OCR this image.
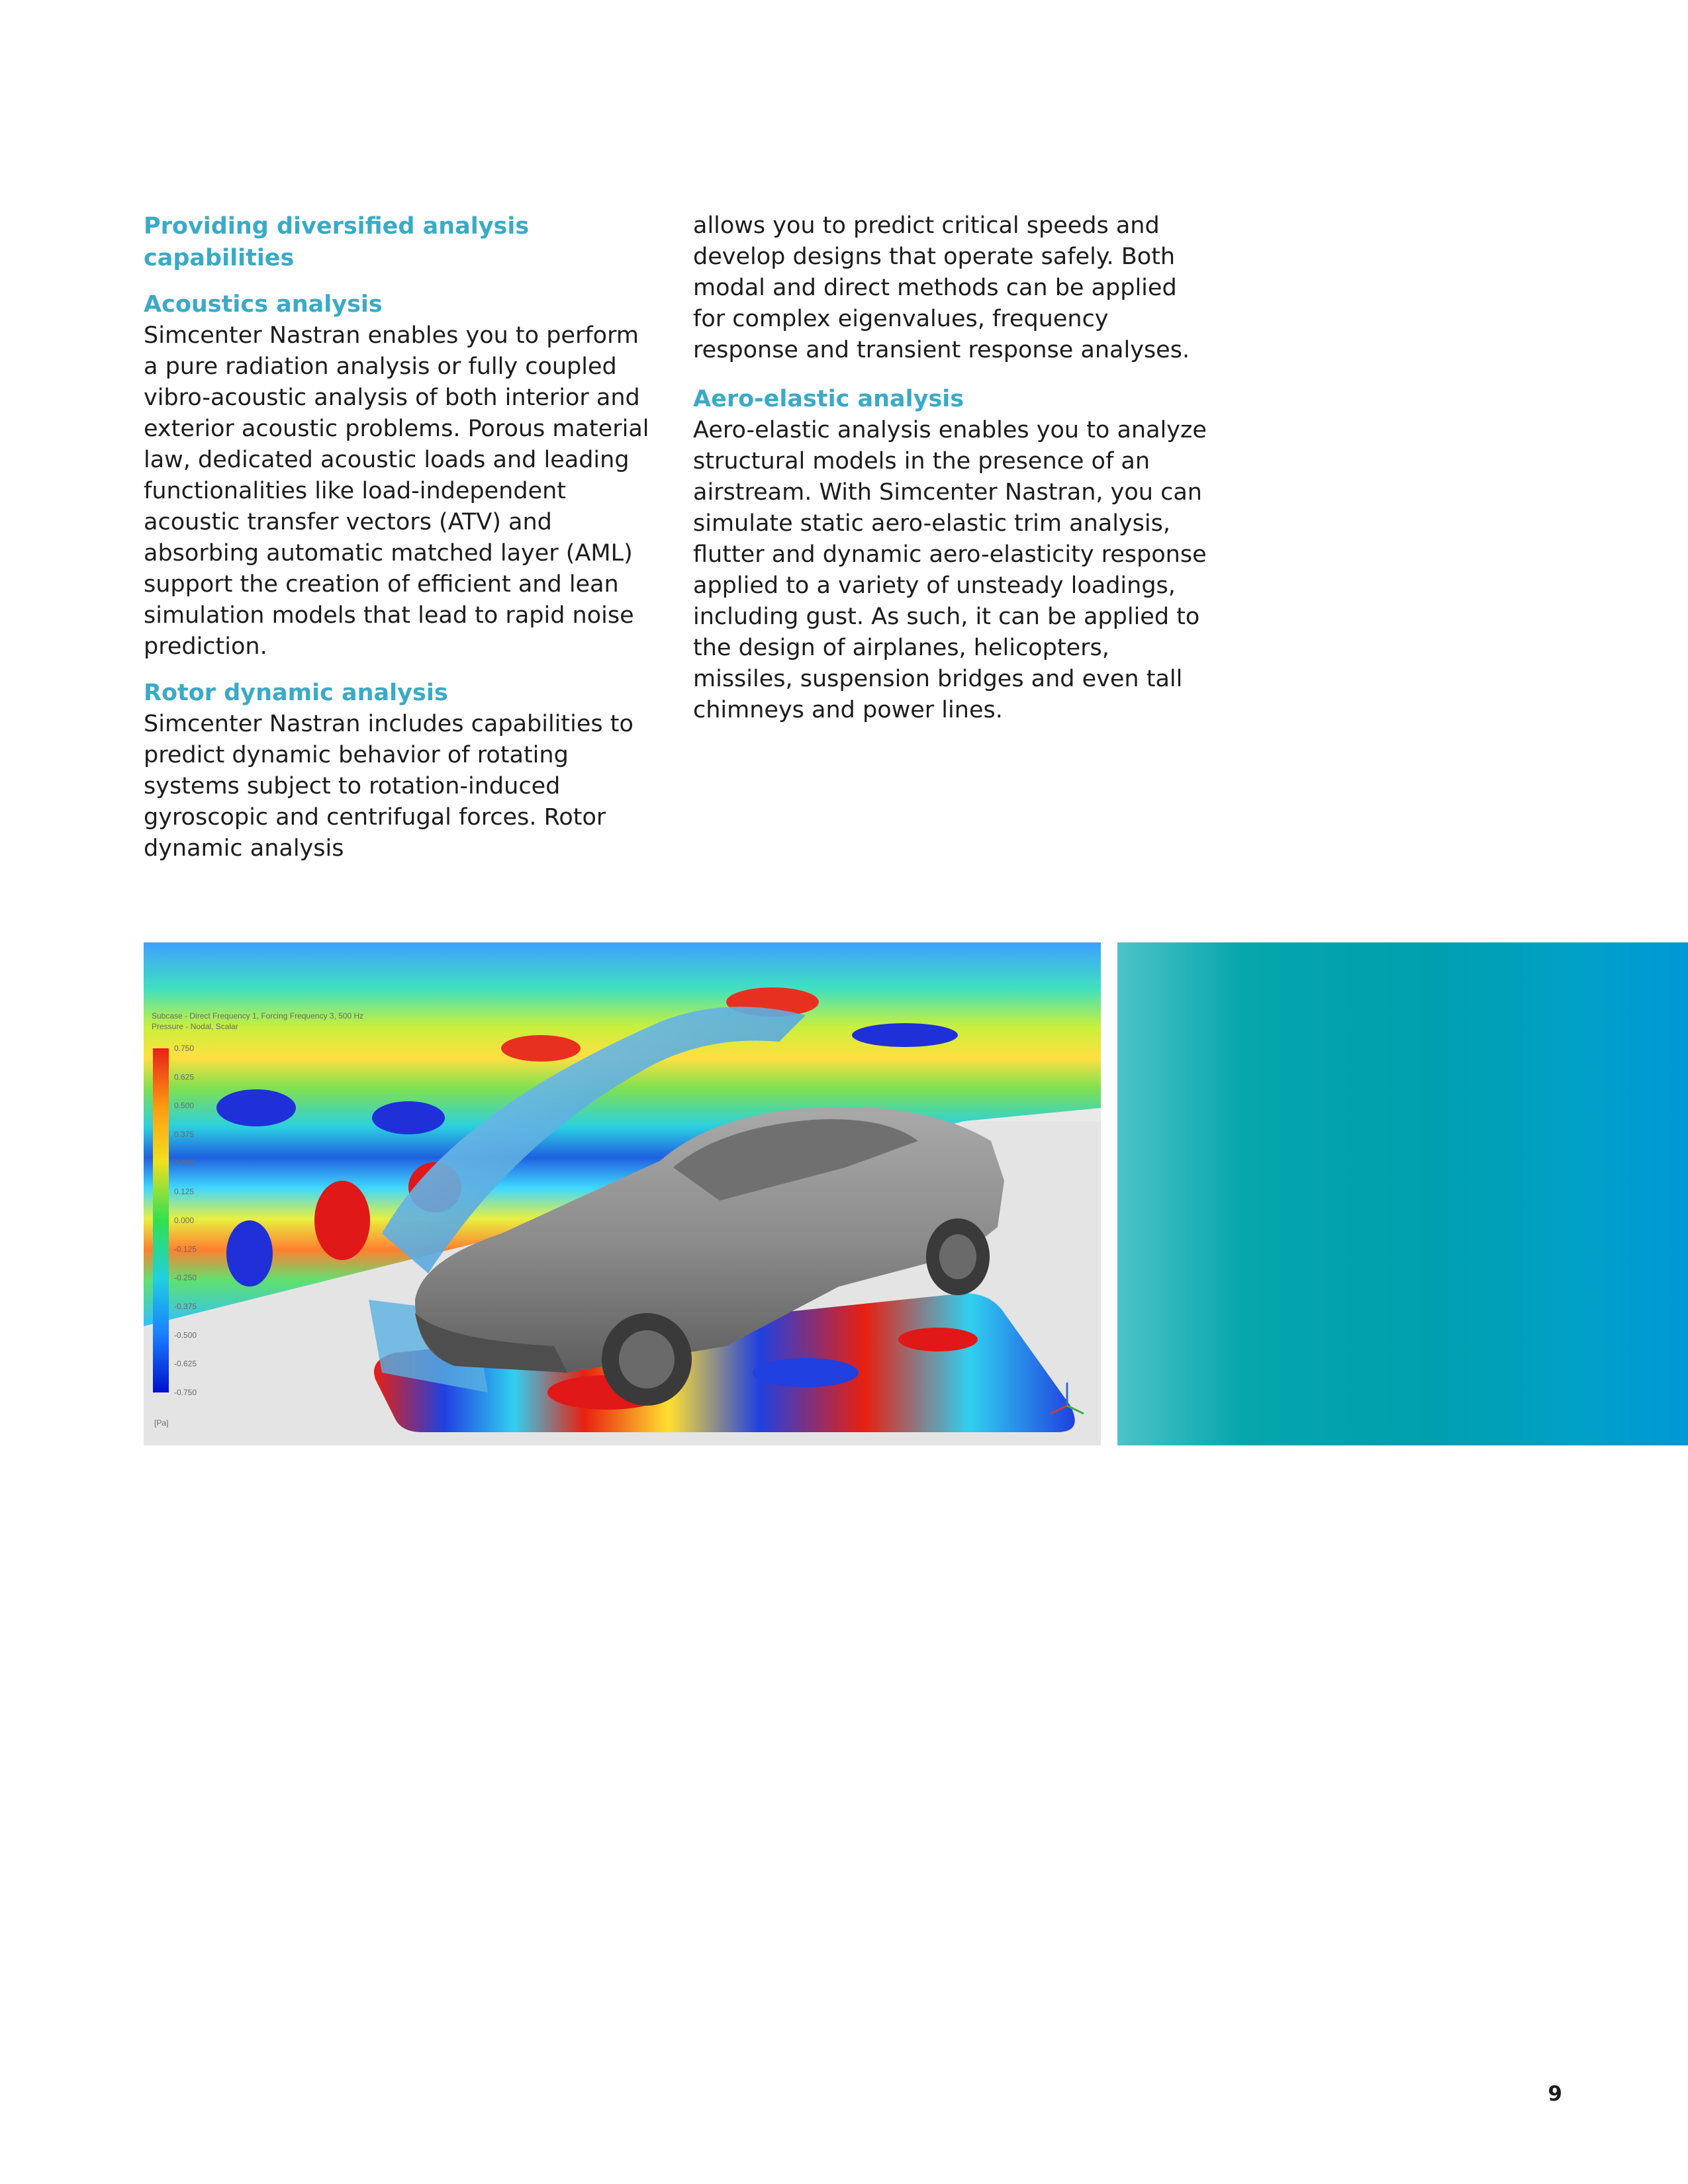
Providing diversified analysis capabilities
Acoustics analysis

Simcenter Nastran enables you to perform a pure radiation analysis or fully coupled vibro-acoustic analysis of both interior and exterior acoustic problems. Porous material law, dedicated acoustic loads and leading functionalities like load-independent acoustic transfer vectors (ATV) and absorbing automatic matched layer (AML) support the creation of efficient and lean simulation models that lead to rapid noise prediction.

Rotor dynamic analysis

Simcenter Nastran includes capabilities to predict dynamic behavior of rotating systems subject to rotation-induced gyroscopic and centrifugal forces. Rotor dynamic analysis

allows you to predict critical speeds and develop designs that operate safely. Both modal and direct methods can be applied for complex eigenvalues, frequency response and transient response analyses.

Aero-elastic analysis

Aero-elastic analysis enables you to analyze structural models in the presence of an airstream. With Simcenter Nastran, you can simulate static aero-elastic trim analysis, flutter and dynamic aero-elasticity response applied to a variety of unsteady loadings, including gust. As such, it can be applied to the design of airplanes, helicopters, missiles, suspension bridges and even tall chimneys and power lines.

0.750
0.625
0.500
0.375
0.250
0.125
0.000
-0.125
-0.250
-0.375
-0.500
-0.625
-0.750
Subcase - Direct Frequency 1, Forcing Frequency 3, 500 Hz
Pressure - Nodal, Scalar
[Pa]
9
